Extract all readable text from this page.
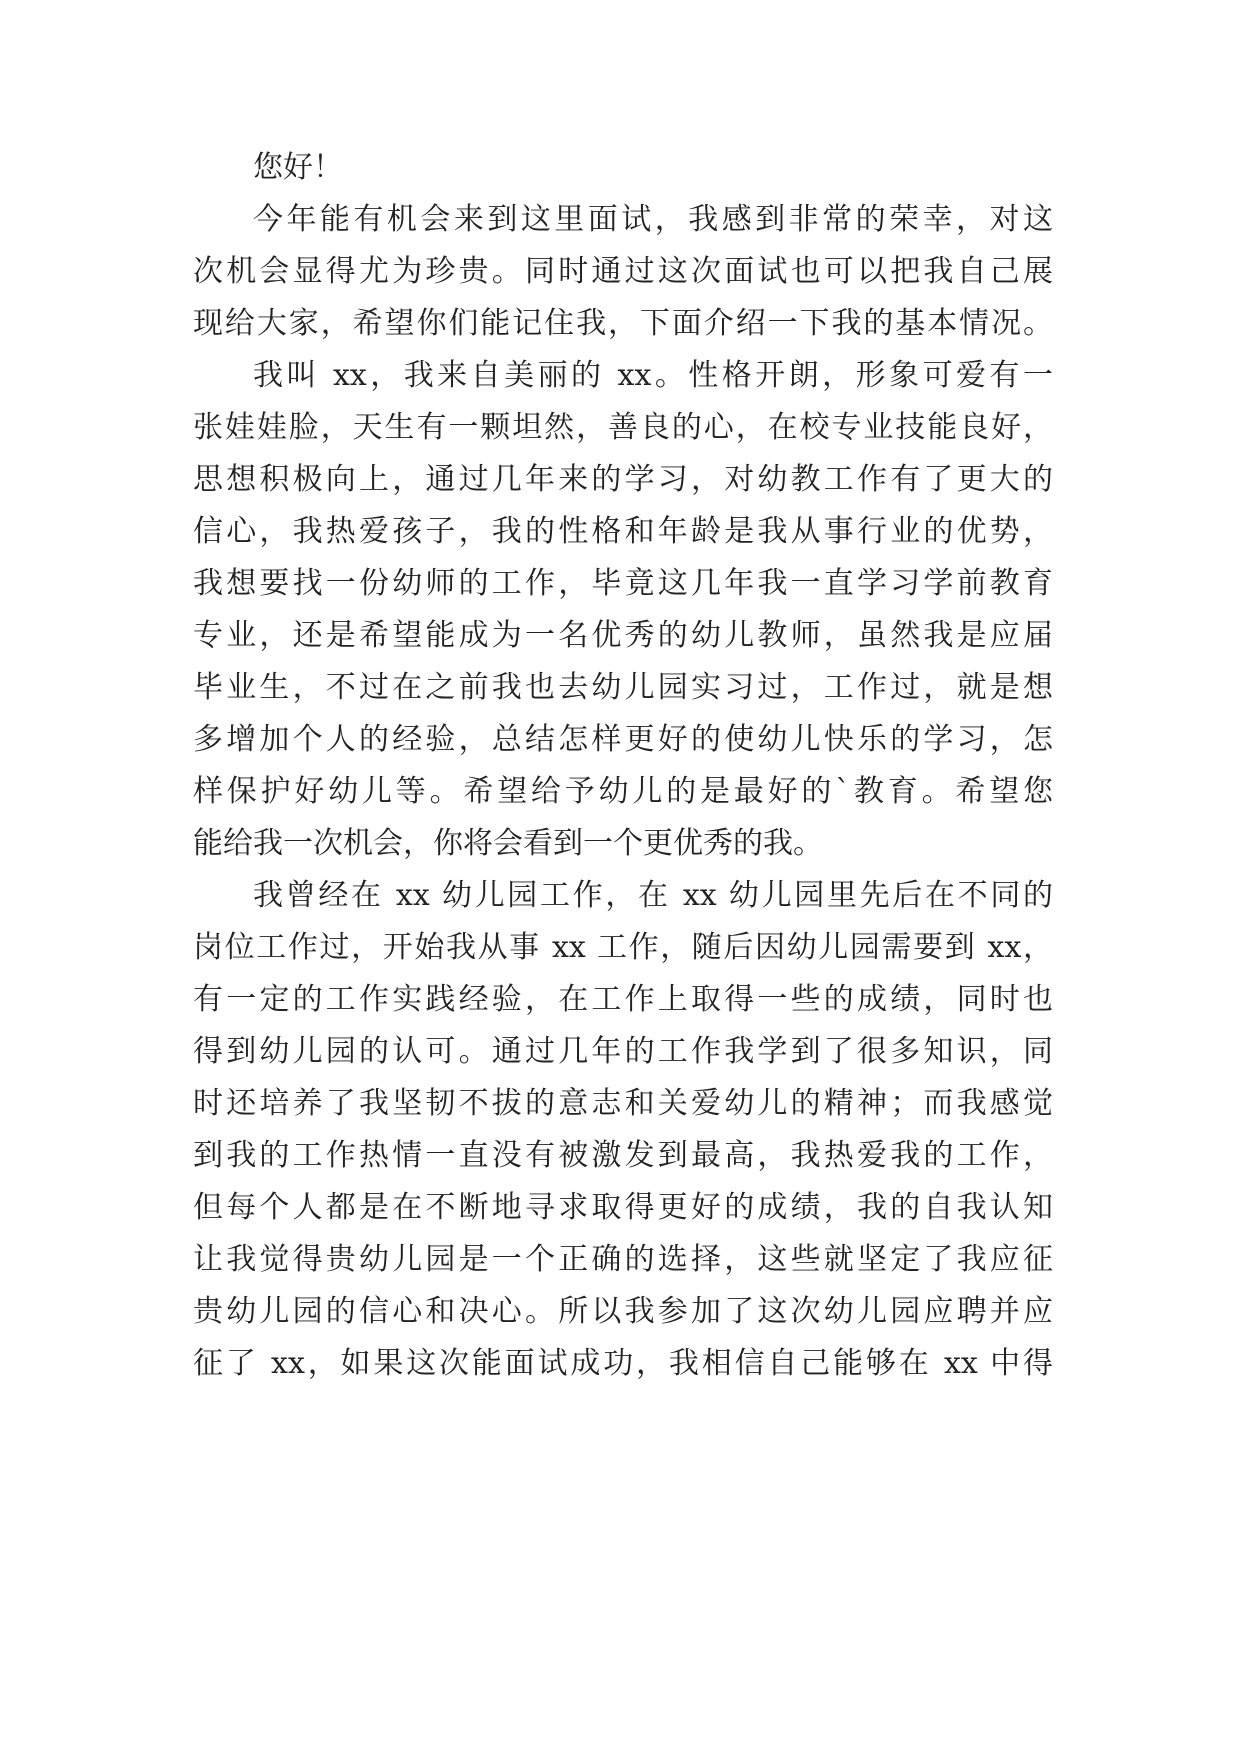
您好！

今年能有机会来到这里面试，我感到非常的荣幸，对这

次机会显得尤为珍贵。同时通过这次面试也可以把我自己展

现给大家，希望你们能记住我，下面介绍一下我的基本情况。

我叫 xx，我来自美丽的 xx。性格开朗，形象可爱有一

张娃娃脸，天生有一颗坦然，善良的心，在校专业技能良好，

思想积极向上，通过几年来的学习，对幼教工作有了更大的

信心，我热爱孩子，我的性格和年龄是我从事行业的优势，

我想要找一份幼师的工作，毕竟这几年我一直学习学前教育

专业，还是希望能成为一名优秀的幼儿教师，虽然我是应届

毕业生，不过在之前我也去幼儿园实习过，工作过，就是想

多增加个人的经验，总结怎样更好的使幼儿快乐的学习，怎

样保护好幼儿等。希望给予幼儿的是最好的`教育。希望您

能给我一次机会，你将会看到一个更优秀的我。

我曾经在 xx 幼儿园工作，在 xx 幼儿园里先后在不同的

岗位工作过，开始我从事 xx 工作，随后因幼儿园需要到 xx，

有一定的工作实践经验，在工作上取得一些的成绩，同时也

得到幼儿园的认可。通过几年的工作我学到了很多知识，同

时还培养了我坚韧不拔的意志和关爱幼儿的精神；而我感觉

到我的工作热情一直没有被激发到最高，我热爱我的工作，

但每个人都是在不断地寻求取得更好的成绩，我的自我认知

让我觉得贵幼儿园是一个正确的选择，这些就坚定了我应征

贵幼儿园的信心和决心。所以我参加了这次幼儿园应聘并应

征了 xx，如果这次能面试成功，我相信自己能够在 xx 中得
